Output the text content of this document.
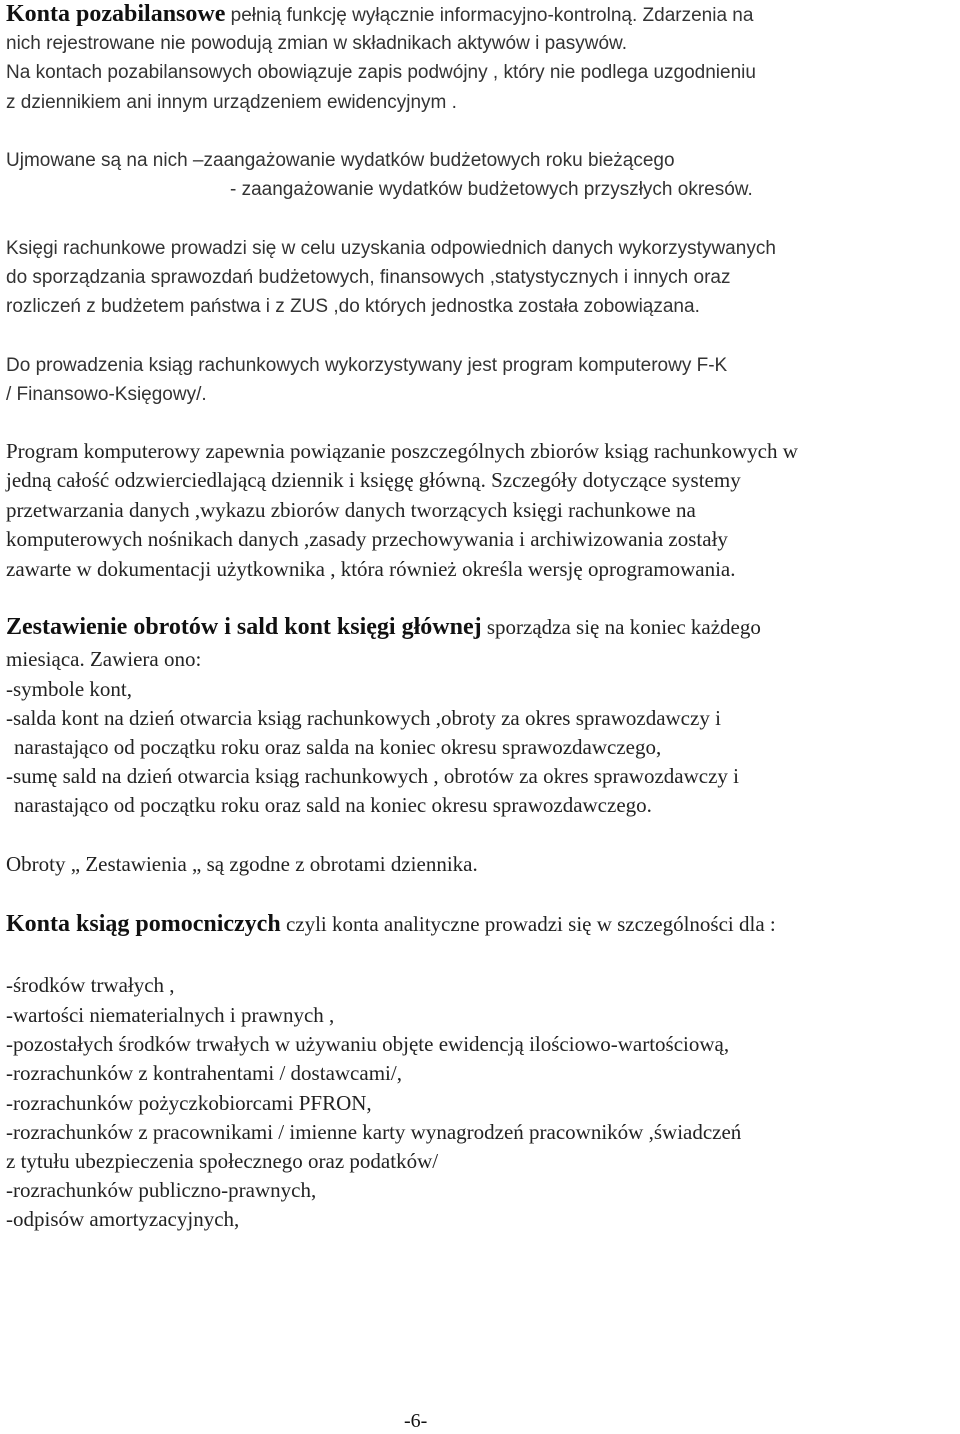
Konta pozabilansowe pełnią funkcję wyłącznie informacyjno-kontrolną. Zdarzenia na
nich rejestrowane nie powodują zmian w składnikach aktywów i pasywów.
Na kontach pozabilansowych obowiązuje zapis podwójny , który nie podlega uzgodnieniu
z dziennikiem ani innym urządzeniem ewidencyjnym .
Ujmowane są na nich –zaangażowanie wydatków budżetowych roku bieżącego
- zaangażowanie wydatków budżetowych przyszłych okresów.
Księgi rachunkowe prowadzi się w celu uzyskania odpowiednich danych wykorzystywanych
do sporządzania sprawozdań budżetowych, finansowych ,statystycznych i innych oraz
rozliczeń z budżetem państwa i z ZUS ,do których jednostka została zobowiązana.
Do prowadzenia ksiąg rachunkowych wykorzystywany jest program komputerowy F-K
/ Finansowo-Księgowy/.
Program komputerowy zapewnia powiązanie poszczególnych zbiorów ksiąg rachunkowych w
jedną całość odzwierciedlającą dziennik i księgę główną. Szczegóły dotyczące systemy
przetwarzania danych ,wykazu zbiorów danych tworzących księgi rachunkowe na
komputerowych nośnikach danych ,zasady przechowywania i archiwizowania zostały
zawarte w dokumentacji użytkownika , która również określa wersję oprogramowania.
Zestawienie obrotów i sald kont księgi głównej sporządza się na koniec każdego
miesiąca. Zawiera ono:
-symbole kont,
-salda kont na dzień otwarcia ksiąg rachunkowych ,obroty za okres sprawozdawczy i
narastająco od początku roku oraz salda na koniec okresu sprawozdawczego,
-sumę sald na dzień otwarcia ksiąg rachunkowych , obrotów za okres sprawozdawczy i
narastająco od początku roku oraz sald na koniec okresu sprawozdawczego.
Obroty „ Zestawienia „ są zgodne z obrotami dziennika.
Konta ksiąg pomocniczych czyli konta analityczne prowadzi się w szczególności dla :
-środków trwałych ,
-wartości niematerialnych i prawnych ,
-pozostałych środków trwałych w używaniu objęte ewidencją ilościowo-wartościową,
-rozrachunków z kontrahentami / dostawcami/,
-rozrachunków pożyczkobiorcami PFRON,
-rozrachunków z pracownikami / imienne karty wynagrodzeń pracowników ,świadczeń
z tytułu ubezpieczenia społecznego oraz podatków/
-rozrachunków publiczno-prawnych,
-odpisów amortyzacyjnych,
-6-
